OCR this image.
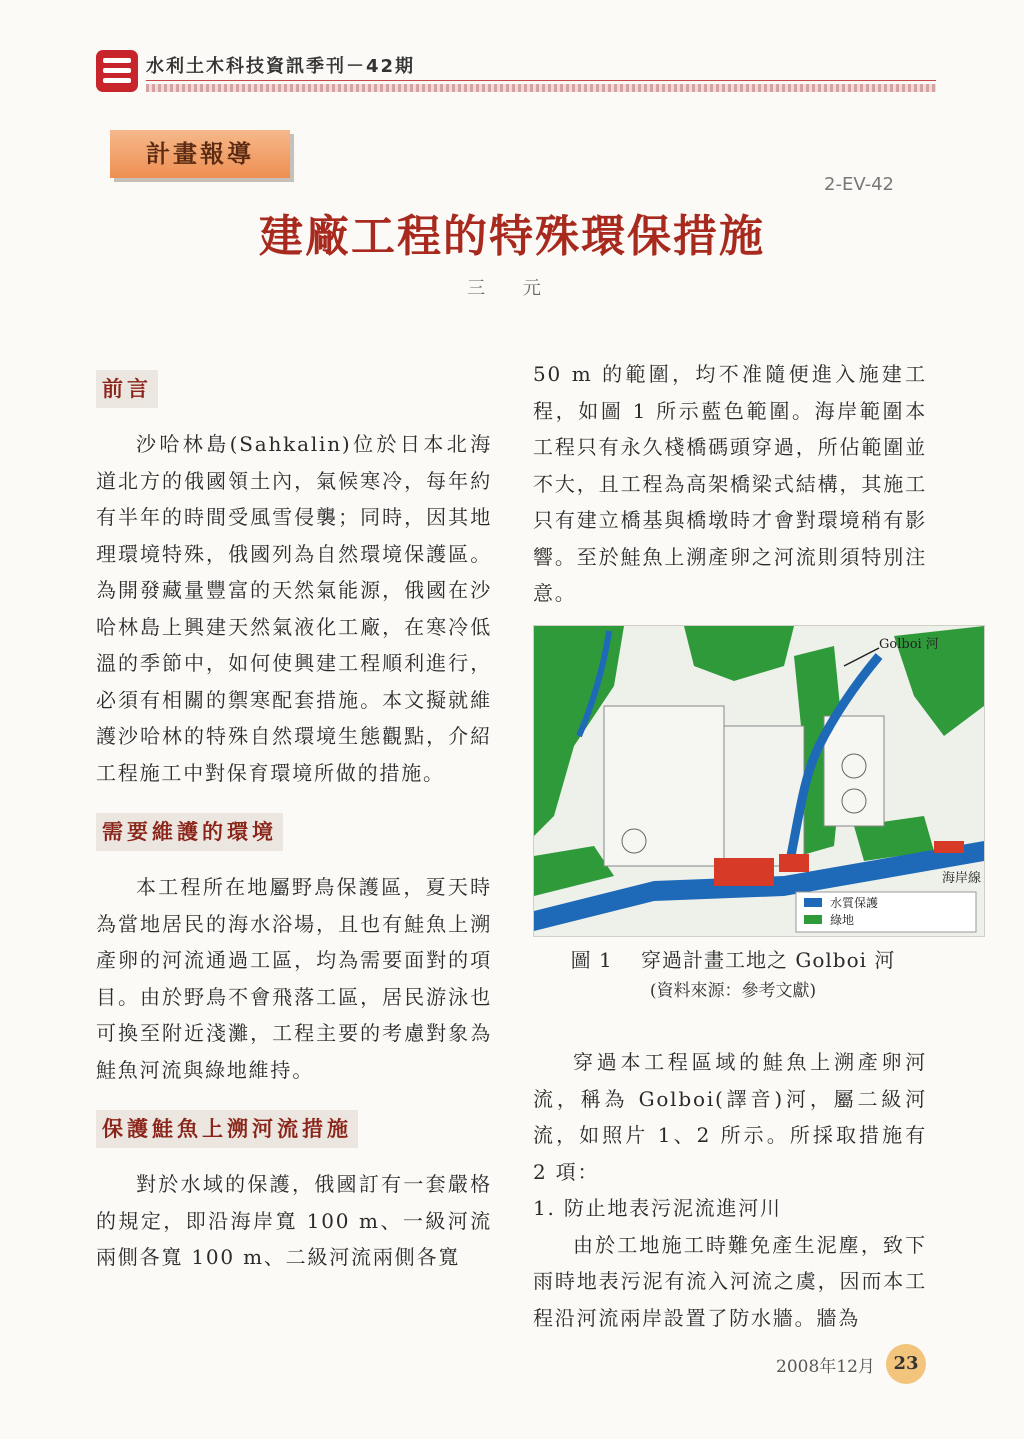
水利土木科技資訊季刊－42期
計畫報導
2-EV-42
建廠工程的特殊環保措施
三 元
前言

沙哈林島(Sahkalin)位於日本北海道北方的俄國領土內，氣候寒冷，每年約有半年的時間受風雪侵襲；同時，因其地理環境特殊，俄國列為自然環境保護區。為開發藏量豐富的天然氣能源，俄國在沙哈林島上興建天然氣液化工廠，在寒冷低溫的季節中，如何使興建工程順利進行，必須有相關的禦寒配套措施。本文擬就維護沙哈林的特殊自然環境生態觀點，介紹工程施工中對保育環境所做的措施。

需要維護的環境

本工程所在地屬野鳥保護區，夏天時為當地居民的海水浴場，且也有鮭魚上溯產卵的河流通過工區，均為需要面對的項目。由於野鳥不會飛落工區，居民游泳也可換至附近淺灘，工程主要的考慮對象為鮭魚河流與綠地維持。

保護鮭魚上溯河流措施

對於水域的保護，俄國訂有一套嚴格的規定，即沿海岸寬 100 m、一級河流兩側各寬 100 m、二級河流兩側各寬

50 m 的範圍，均不准隨便進入施建工程，如圖 1 所示藍色範圍。海岸範圍本工程只有永久棧橋碼頭穿過，所佔範圍並不大，且工程為高架橋梁式結構，其施工只有建立橋基與橋墩時才會對環境稍有影響。至於鮭魚上溯產卵之河流則須特別注意。

Golboi 河
海岸線
水質保護
綠地
圖 1　 穿過計畫工地之 Golboi 河
(資料來源：參考文獻)

穿過本工程區域的鮭魚上溯產卵河流，稱為 Golboi(譯音)河，屬二級河流，如照片 1、2 所示。所採取措施有 2 項：

1. 防止地表污泥流進河川

由於工地施工時難免產生泥塵，致下雨時地表污泥有流入河流之虞，因而本工程沿河流兩岸設置了防水牆。牆為

2008年12月	23
